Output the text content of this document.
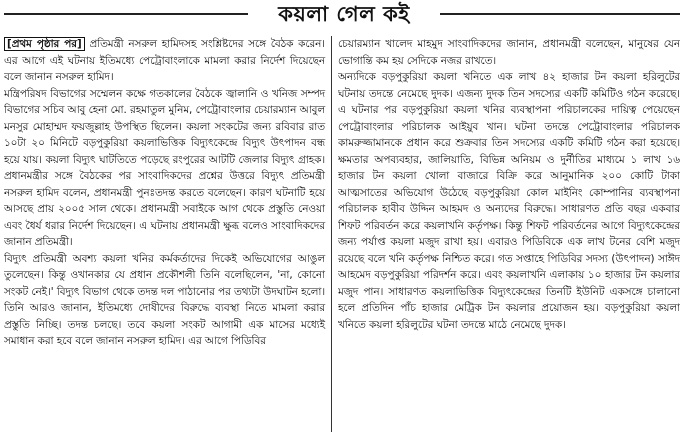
কয়লা গেল কই

[প্রথম পৃষ্ঠার পর] প্রতিমন্ত্রী নসরুল হামিদসহ সংশ্লিষ্টদের সঙ্গে বৈঠক করেন। এর আগে এই ঘটনায় ইতিমধ্যে পেট্রোবাংলাকে মামলা করার নির্দেশ দিয়েছেন বলে জানান নসরুল হামিদ।

মন্ত্রিপরিষদ বিভাগের সম্মেলন কক্ষে গতকালের বৈঠকে জ্বালানি ও খনিজ সম্পদ বিভাগের সচিব আবু হেনা মো. রহমাতুল মুনিম, পেট্রোবাংলার চেয়ারম্যান আবুল মনসুর মোহাম্মদ ফয়জুল্লাহ উপস্থিত ছিলেন। কয়লা সংকটের জন্য রবিবার রাত ১০টা ২০ মিনিটে বড়পুকুরিয়া কয়লাভিত্তিক বিদ্যুৎকেন্দ্রে বিদ্যুৎ উৎপাদন বন্ধ হয়ে যায়। কয়লা বিদ্যুৎ ঘাটতিতে পড়েছে রংপুরের আটটি জেলার বিদ্যুৎ গ্রাহক। প্রধানমন্ত্রীর সঙ্গে বৈঠকের পর সাংবাদিকদের প্রশ্নের উত্তরে বিদ্যুৎ প্রতিমন্ত্রী নসরুল হামিদ বলেন, প্রধানমন্ত্রী পুনঃতদন্ত করতে বলেছেন। কারণ ঘটনাটি হয়ে আসছে প্রায় ২০০৫ সাল থেকে। প্রধানমন্ত্রী সবাইকে আগ থেকে প্রস্তুতি নেওয়া এবং ধৈর্য ধরার নির্দেশ দিয়েছেন। এ ঘটনায় প্রধানমন্ত্রী ক্ষুব্ধ বলেও সাংবাদিকদের জানান প্রতিমন্ত্রী।

বিদ্যুৎ প্রতিমন্ত্রী অবশ্য কয়লা খনির কর্মকর্তাদের দিকেই অভিযোগের আঙুল তুলেছেন। কিন্তু ওখানকার যে প্রধান প্রকৌশলী তিনি বলেছিলেন, 'না, কোনো সংকট নেই।' বিদ্যুৎ বিভাগ থেকে তদন্ত দল পাঠানোর পর তথ্যটা উদঘাটন হলো। তিনি আরও জানান, ইতিমধ্যে দোষীদের বিরুদ্ধে ব্যবস্থা নিতে মামলা করার প্রস্তুতি নিচ্ছি। তদন্ত চলছে। তবে কয়লা সংকট আগামী এক মাসের মধ্যেই সমাধান করা হবে বলে জানান নসরুল হামিদ। এর আগে পিডিবির

চেয়ারম্যান খালেদ মাহমুদ সাংবাদিকদের জানান, প্রধানমন্ত্রী বলেছেন, মানুষের যেন ভোগান্তি কম হয় সেদিকে নজর রাখতে।

অন্যদিকে বড়পুকুরিয়া কয়লা খনিতে এক লাখ ৪২ হাজার টন কয়লা হরিলুটের ঘটনায় তদন্তে নেমেছে দুদক। এজন্য দুদক তিন সদস্যের একটি কমিটিও গঠন করেছে। এ ঘটনার পর বড়পুকুরিয়া কয়লা খনির ব্যবস্থাপনা পরিচালকের দায়িত্ব পেয়েছেন পেট্রোবাংলার পরিচালক আইয়ুব খান। ঘটনা তদন্তে পেট্রোবাংলার পরিচালক কামরুজ্জামানকে প্রধান করে শুক্রবার তিন সদস্যের একটি কমিটি গঠন করা হয়েছে। ক্ষমতার অপব্যবহার, জালিয়াতি, বিভিন্ন অনিয়ম ও দুর্নীতির মাধ্যমে ১ লাখ ১৬ হাজার টন কয়লা খোলা বাজারে বিক্রি করে আনুমানিক ২০০ কোটি টাকা আত্মসাতের অভিযোগ উঠেছে বড়পুকুরিয়া কোল মাইনিং কোম্পানির ব্যবস্থাপনা পরিচালক হাবীব উদ্দিন আহমদ ও অন্যদের বিরুদ্ধে। সাধারণত প্রতি বছর একবার শিফট পরিবর্তন করে কয়লাখনি কর্তৃপক্ষ। কিন্তু শিফট পরিবর্তনের আগে বিদ্যুৎকেন্দ্রের জন্য পর্যাপ্ত কয়লা মজুদ রাখা হয়। এবারও পিডিবিকে এক লাখ টনের বেশি মজুদ রয়েছে বলে খনি কর্তৃপক্ষ নিশ্চিত করে। গত সপ্তাহে পিডিবির সদস্য (উৎপাদন) সাঈদ আহমেদ বড়পুকুরিয়া পরিদর্শন করে। এবং কয়লাখনি এলাকায় ১০ হাজার টন কয়লার মজুদ পান। সাধারণত কয়লাভিত্তিক বিদ্যুৎকেন্দ্রের তিনটি ইউনিট একসঙ্গে চালানো হলে প্রতিদিন পাঁচ হাজার মেট্রিক টন কয়লার প্রয়োজন হয়। বড়পুকুরিয়া কয়লা খনিতে কয়লা হরিলুটের ঘটনা তদন্তে মাঠে নেমেছে দুদক।
